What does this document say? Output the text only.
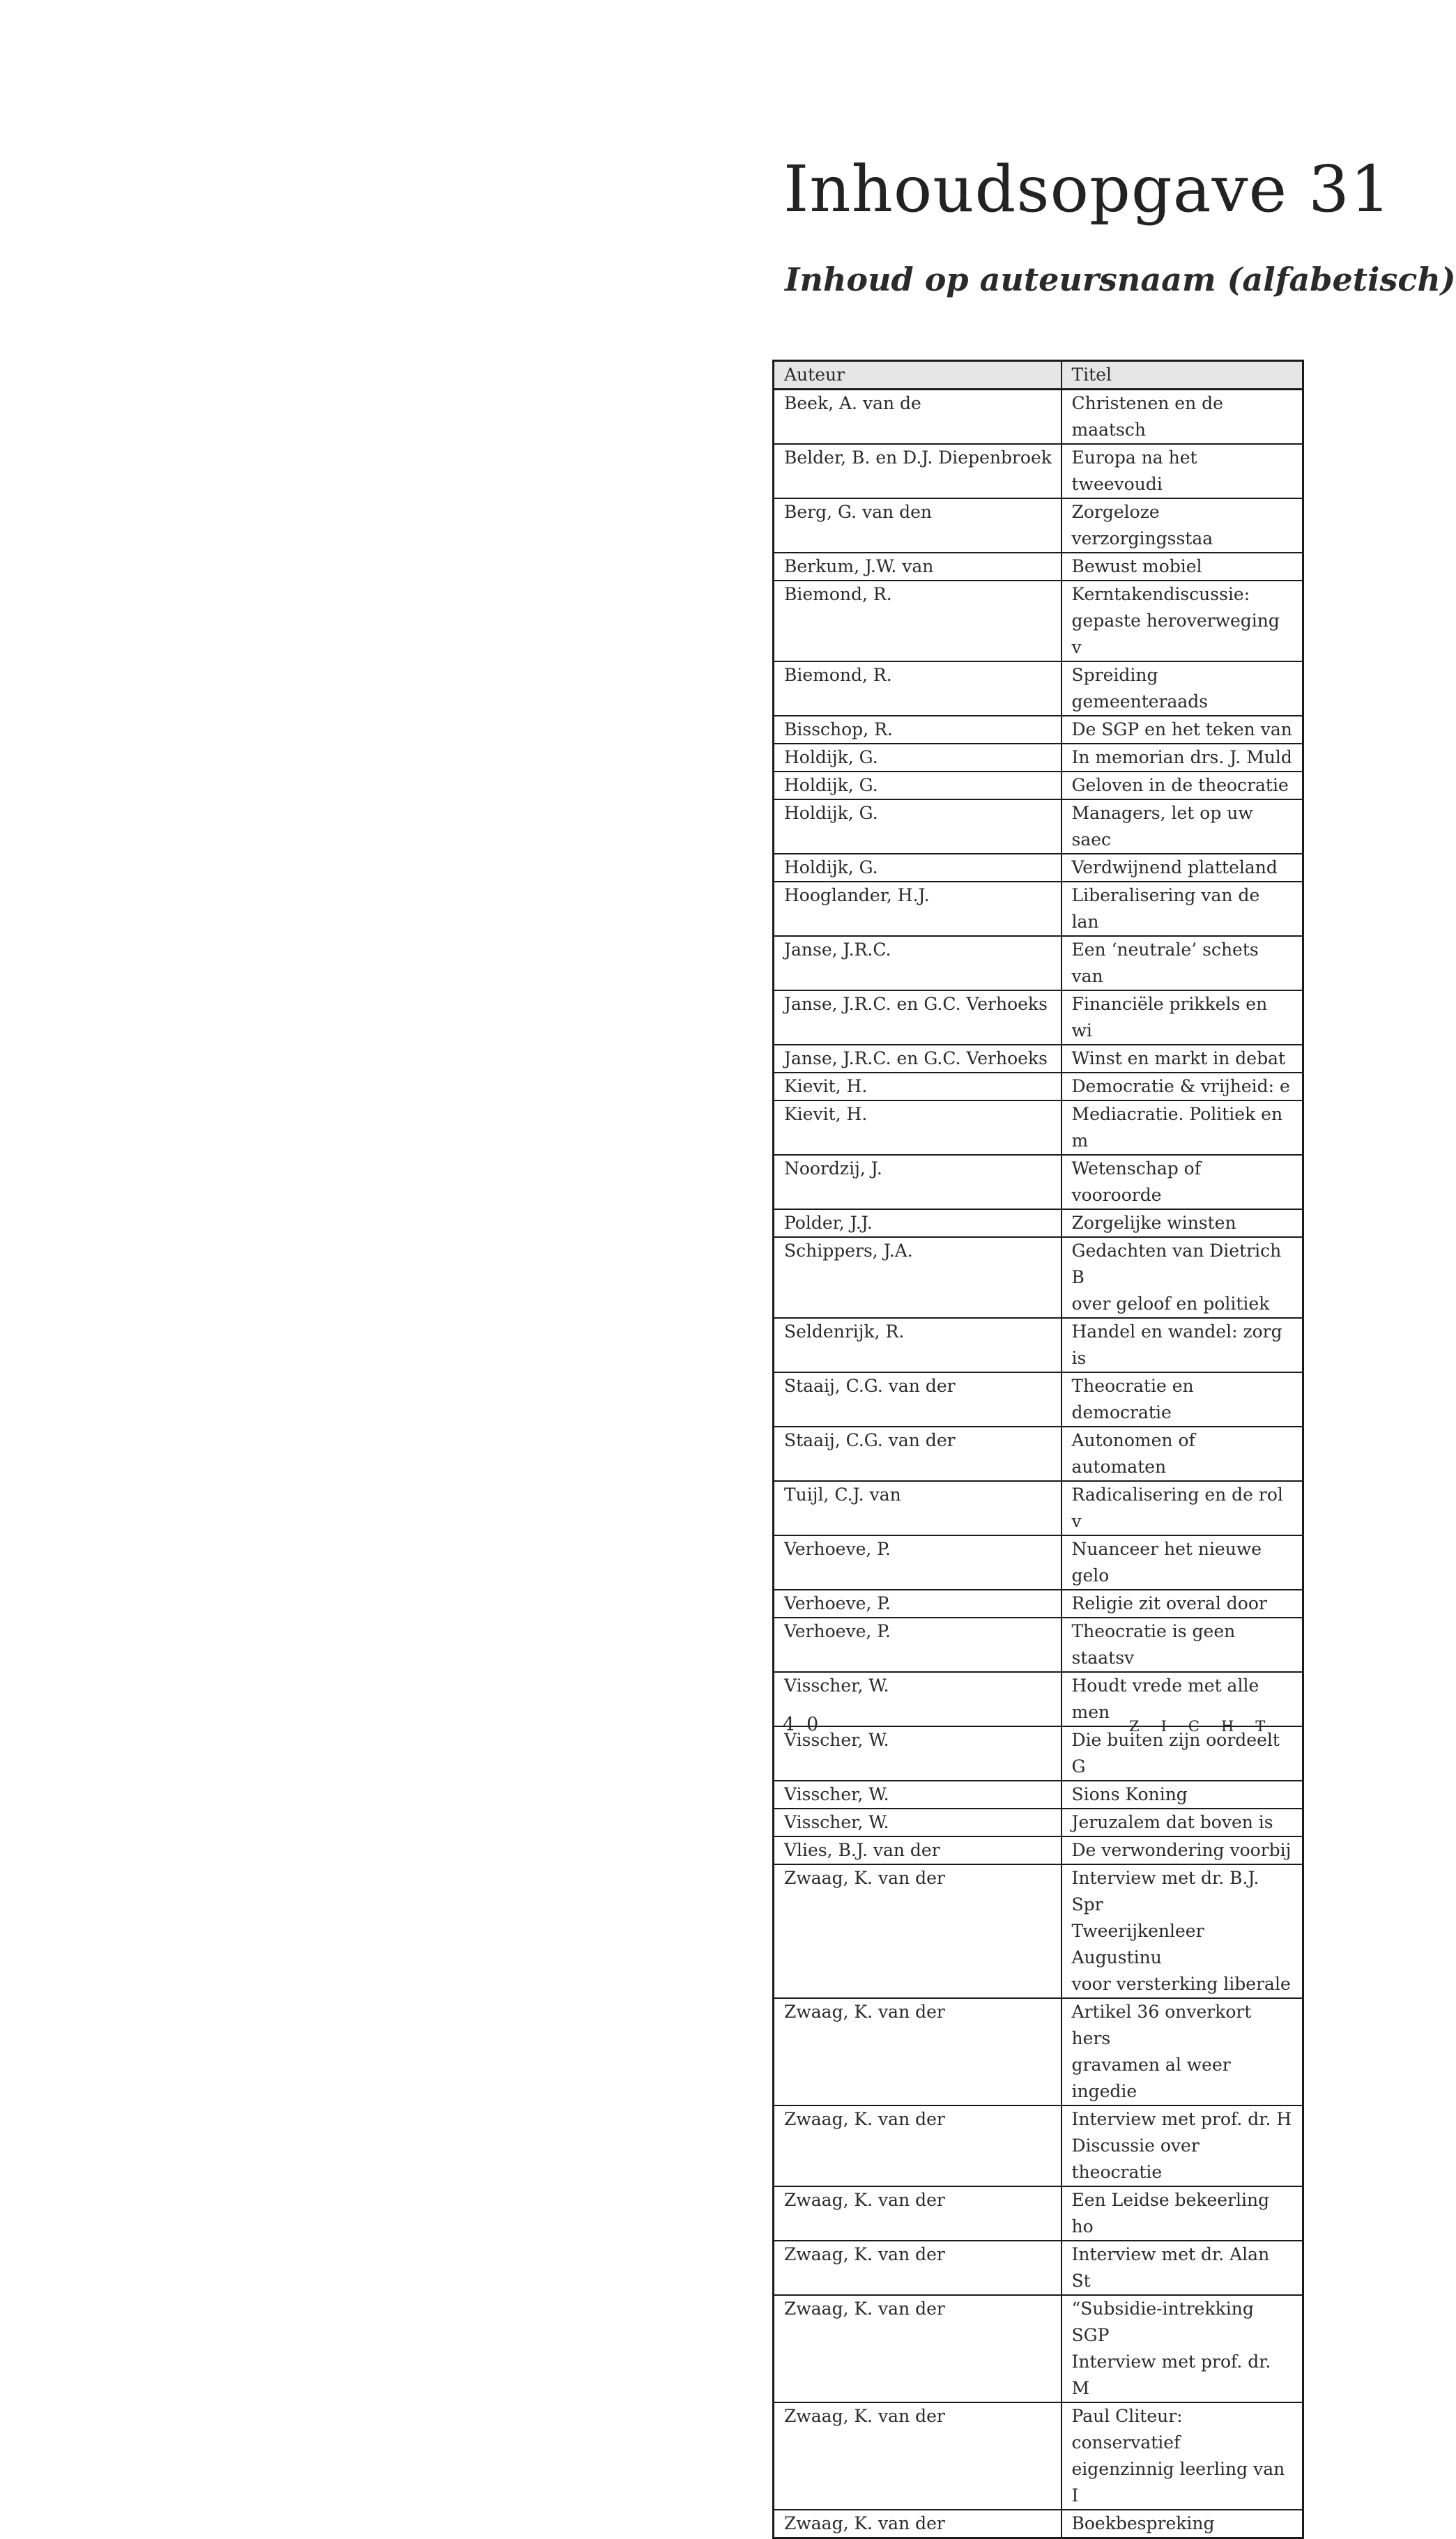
Inhoudsopgave 31
Inhoud op auteursnaam (alfabetisch)
Auteur	Titel
Beek, A. van de	Christenen en de maatsch
Belder, B. en D.J. Diepenbroek	Europa na het tweevoudi
Berg, G. van den	Zorgeloze verzorgingsstaa
Berkum, J.W. van	Bewust mobiel
Biemond, R.	Kerntakendiscussie:
gepaste heroverweging v
Biemond, R.	Spreiding gemeenteraads
Bisschop, R.	De SGP en het teken van
Holdijk, G.	In memorian drs. J. Muld
Holdijk, G.	Geloven in de theocratie
Holdijk, G.	Managers, let op uw saec
Holdijk, G.	Verdwijnend platteland
Hooglander, H.J.	Liberalisering van de lan
Janse, J.R.C.	Een ‘neutrale’ schets van
Janse, J.R.C. en G.C. Verhoeks	Financiële prikkels en wi
Janse, J.R.C. en G.C. Verhoeks	Winst en markt in debat
Kievit, H.	Democratie & vrijheid: e
Kievit, H.	Mediacratie. Politiek en m
Noordzij, J.	Wetenschap of vooroorde
Polder, J.J.	Zorgelijke winsten
Schippers, J.A.	Gedachten van Dietrich B
over geloof en politiek
Seldenrijk, R.	Handel en wandel: zorg is
Staaij, C.G. van der	Theocratie en democratie
Staaij, C.G. van der	Autonomen of automaten
Tuijl, C.J. van	Radicalisering en de rol v
Verhoeve, P.	Nuanceer het nieuwe gelo
Verhoeve, P.	Religie zit overal door
Verhoeve, P.	Theocratie is geen staatsv
Visscher, W.	Houdt vrede met alle men
Visscher, W.	Die buiten zijn oordeelt G
Visscher, W.	Sions Koning
Visscher, W.	Jeruzalem dat boven is
Vlies, B.J. van der	De verwondering voorbij
Zwaag, K. van der	Interview met dr. B.J. Spr
Tweerijkenleer Augustinu
voor versterking liberale
Zwaag, K. van der	Artikel 36 onverkort hers
gravamen al weer ingedie
Zwaag, K. van der	Interview met prof. dr. H
Discussie over theocratie
Zwaag, K. van der	Een Leidse bekeerling ho
Zwaag, K. van der	Interview met dr. Alan St
Zwaag, K. van der	“Subsidie-intrekking SGP
Interview met prof. dr. M
Zwaag, K. van der	Paul Cliteur: conservatief
eigenzinnig leerling van I
Zwaag, K. van der	Boekbespreking
40	ZICHT
